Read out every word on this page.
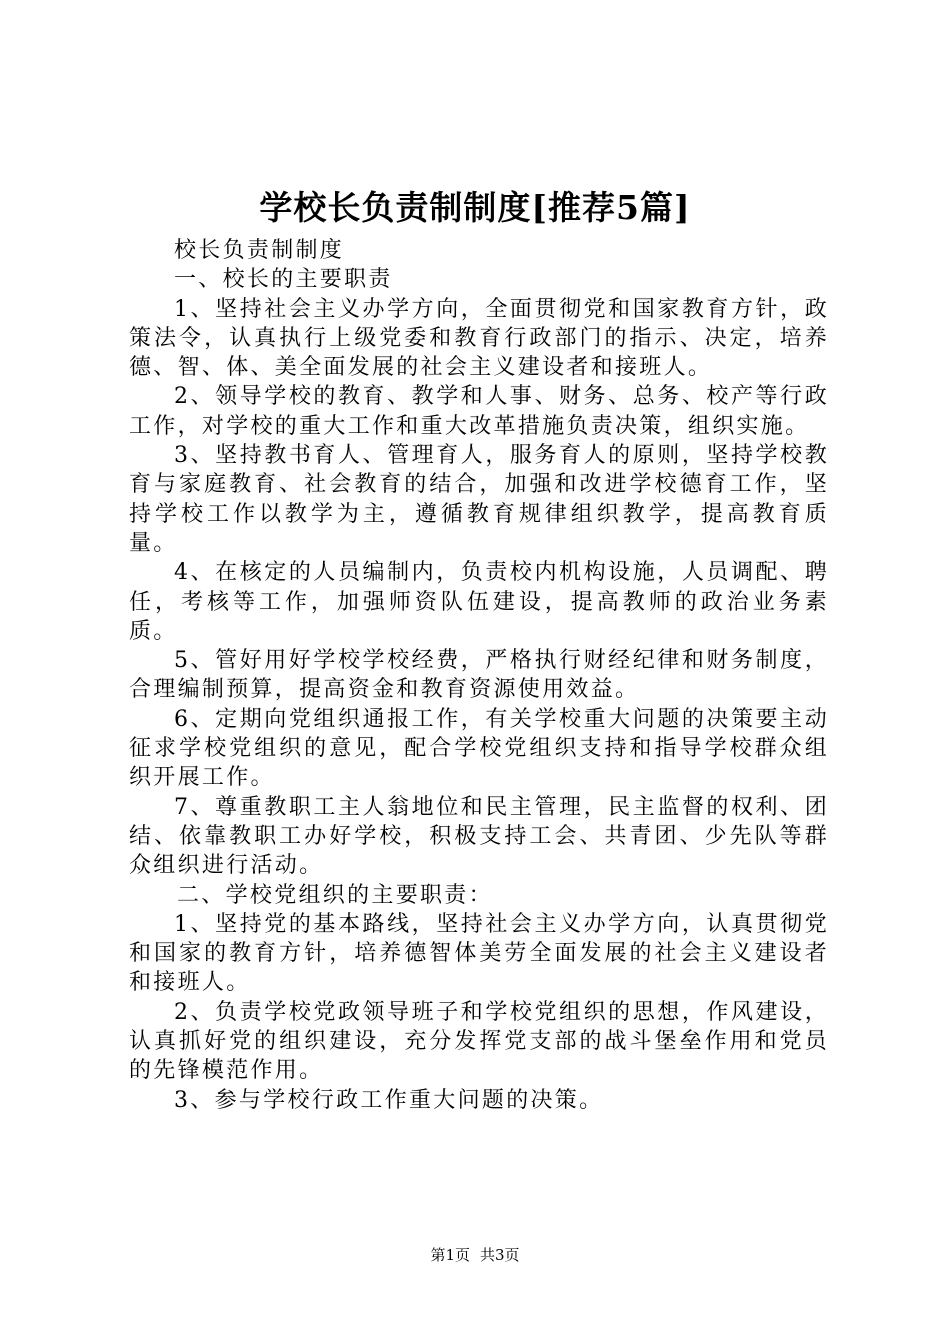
学校长负责制制度[推荐5篇]

校长负责制制度

一、校长的主要职责

1、坚持社会主义办学方向，全面贯彻党和国家教育方针，政策法令，认真执行上级党委和教育行政部门的指示、决定，培养德、智、体、美全面发展的社会主义建设者和接班人。

2、领导学校的教育、教学和人事、财务、总务、校产等行政工作，对学校的重大工作和重大改革措施负责决策，组织实施。

3、坚持教书育人、管理育人，服务育人的原则，坚持学校教育与家庭教育、社会教育的结合，加强和改进学校德育工作，坚持学校工作以教学为主，遵循教育规律组织教学，提高教育质量。

4、在核定的人员编制内，负责校内机构设施，人员调配、聘任，考核等工作，加强师资队伍建设，提高教师的政治业务素质。

5、管好用好学校学校经费，严格执行财经纪律和财务制度，合理编制预算，提高资金和教育资源使用效益。

6、定期向党组织通报工作，有关学校重大问题的决策要主动征求学校党组织的意见，配合学校党组织支持和指导学校群众组织开展工作。

7、尊重教职工主人翁地位和民主管理，民主监督的权利、团结、依靠教职工办好学校，积极支持工会、共青团、少先队等群众组织进行活动。

二、学校党组织的主要职责：

1、坚持党的基本路线，坚持社会主义办学方向，认真贯彻党和国家的教育方针，培养德智体美劳全面发展的社会主义建设者和接班人。

2、负责学校党政领导班子和学校党组织的思想，作风建设，认真抓好党的组织建设，充分发挥党支部的战斗堡垒作用和党员的先锋模范作用。

3、参与学校行政工作重大问题的决策。

第1页 共3页
